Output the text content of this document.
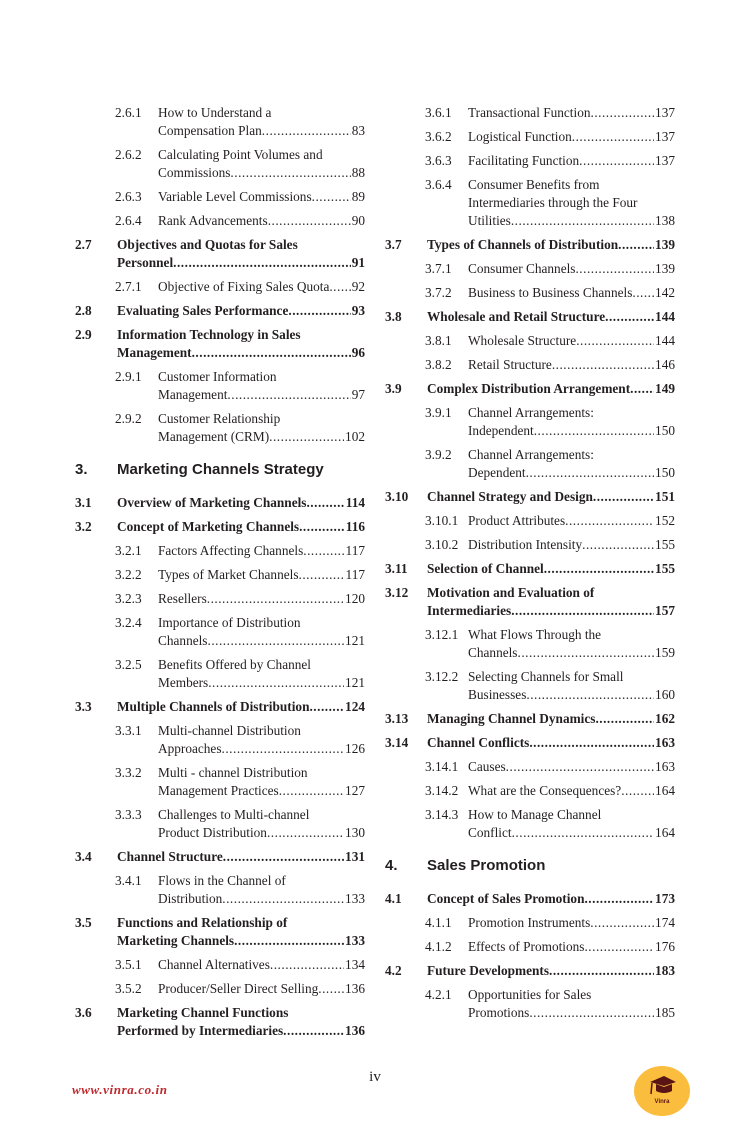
2.6.1 How to Understand a
Compensation Plan .....	83
2.6.2 Calculating Point Volumes and
Commissions .....	88
2.6.3 Variable Level Commissions .....	89
2.6.4 Rank Advancements .....	90
2.7 Objectives and Quotas for Sales
Personnel .....	91
2.7.1 Objective of Fixing Sales Quota ..... 92
2.8 Evaluating Sales Performance .....	93
2.9 Information Technology in Sales
Management .....	96
2.9.1 Customer Information
Management .....	97
2.9.2 Customer Relationship
Management (CRM) .....	102
3. Marketing Channels Strategy
3.1 Overview of Marketing Channels .....	114
3.2 Concept of Marketing Channels .....	116
3.2.1 Factors Affecting Channels .....	117
3.2.2 Types of Market Channels .....	117
3.2.3 Resellers .....	120
3.2.4 Importance of Distribution
Channels .....	121
3.2.5 Benefits Offered by Channel
Members .....	121
3.3 Multiple Channels of Distribution .....	124
3.3.1 Multi-channel Distribution
Approaches .....	126
3.3.2 Multi - channel Distribution
Management Practices .....	127
3.3.3 Challenges to Multi-channel
Product Distribution .....	130
3.4 Channel Structure .....	131
3.4.1 Flows in the Channel of
Distribution .....	133
3.5 Functions and Relationship of
Marketing Channels .....	133
3.5.1 Channel Alternatives .....	134
3.5.2 Producer/Seller Direct Selling ..... 136
3.6 Marketing Channel Functions
Performed by Intermediaries .....	136
3.6.1 Transactional Function .....	137
3.6.2 Logistical Function .....	137
3.6.3 Facilitating Function .....	137
3.6.4 Consumer Benefits from
Intermediaries through the Four
Utilities .....	138
3.7 Types of Channels of Distribution .....	139
3.7.1 Consumer Channels .....	139
3.7.2 Business to Business Channels ..... 142
3.8 Wholesale and Retail Structure .....	144
3.8.1 Wholesale Structure .....	144
3.8.2 Retail Structure .....	146
3.9 Complex Distribution Arrangement ..... 149
3.9.1 Channel Arrangements:
Independent .....	150
3.9.2 Channel Arrangements:
Dependent .....	150
3.10 Channel Strategy and Design .....	151
3.10.1 Product Attributes .....	152
3.10.2 Distribution Intensity .....	155
3.11 Selection of Channel .....	155
3.12 Motivation and Evaluation of
Intermediaries .....	157
3.12.1 What Flows Through the
Channels .....	159
3.12.2 Selecting Channels for Small
Businesses .....	160
3.13 Managing Channel Dynamics .....	162
3.14 Channel Conflicts .....	163
3.14.1 Causes .....	163
3.14.2 What are the Consequences? .....	164
3.14.3 How to Manage Channel
Conflict .....	164
4. Sales Promotion
4.1 Concept of Sales Promotion .....	173
4.1.1 Promotion Instruments .....	174
4.1.2 Effects of Promotions .....	176
4.2 Future Developments .....	183
4.2.1 Opportunities for Sales
Promotions .....	185
iv
www.vinra.co.in
Vinra
